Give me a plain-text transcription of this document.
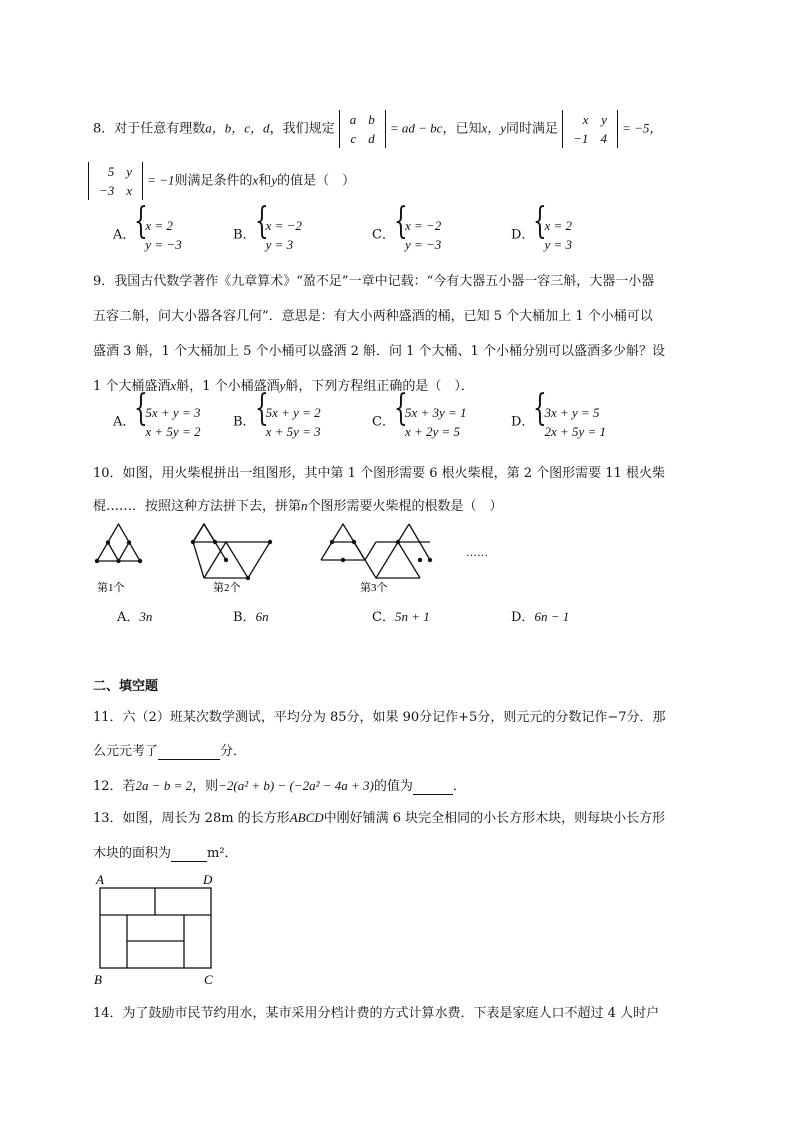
8．对于任意有理数a，b，c，d，我们规定
a	b
c	d
= ad − bc，已知x，y同时满足
x	y
−1	4
= −5，
5	y
−3	x
= −1则满足条件的x和y的值是（　）
A．{ x = 2
y = −3
B．{ x = −2
y = 3
C．{ x = −2
y = −3
D．{ x = 2
y = 3
9．我国古代数学著作《九章算术》“盈不足”一章中记载：“今有大器五小器一容三斛，大器一小器
五容二斛，问大小器各容几何”．意思是：有大小两种盛酒的桶，已知 5 个大桶加上 1 个小桶可以
盛酒 3 斛，1 个大桶加上 5 个小桶可以盛酒 2 斛．问 1 个大桶、1 个小桶分别可以盛酒多少斛？设
1 个大桶盛酒x斛，1 个小桶盛酒y斛，下列方程组正确的是（　）．
A．{ 5x + y = 3
x + 5y = 2
B．{ 5x + y = 2
x + 5y = 3
C．{ 5x + 3y = 1
x + 2y = 5
D．{ 3x + y = 5
2x + 5y = 1
10．如图，用火柴棍拼出一组图形，其中第 1 个图形需要 6 根火柴棍，第 2 个图形需要 11 根火柴
棍……．按照这种方法拼下去，拼第n个图形需要火柴棍的根数是（　）
第1个	第2个	第3个
……
A．3n	B．6n	C．5n + 1	D．6n − 1
二、填空题
11．六（2）班某次数学测试，平均分为 85分，如果 90分记作+5分，则元元的分数记作−7分．那
么元元考了	分．
12．若2a − b = 2，则−2(a² + b) − (−2a² − 4a + 3)的值为	．
13．如图，周长为 28m 的长方形ABCD中刚好铺满 6 块完全相同的小长方形木块，则每块小长方形
木块的面积为	m²．
A	D
B	C
14．为了鼓励市民节约用水，某市采用分档计费的方式计算水费．下表是家庭人口不超过 4 人时户
